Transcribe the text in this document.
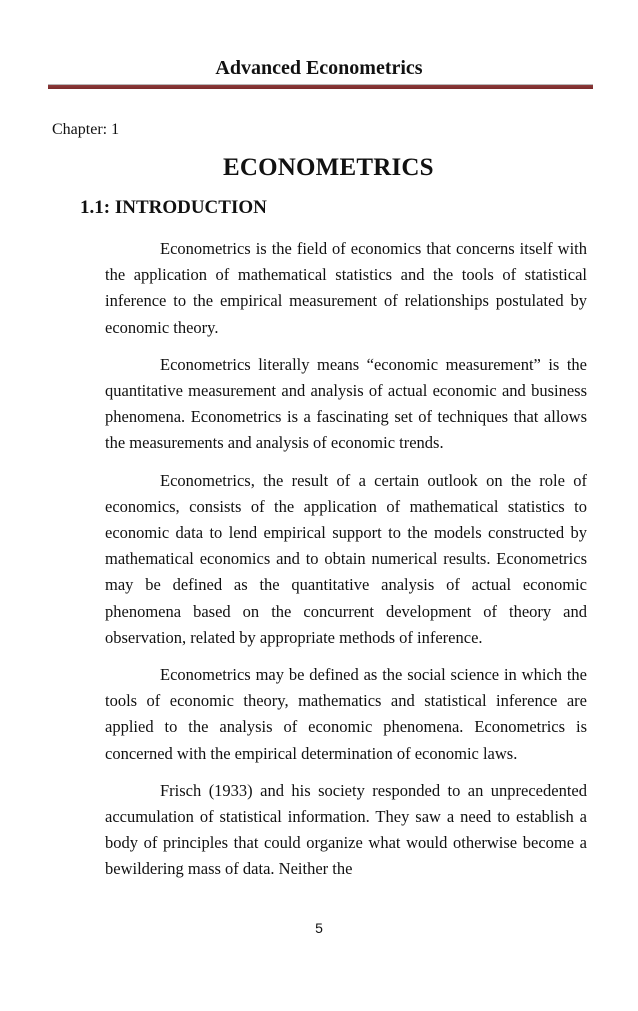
Advanced Econometrics
Chapter: 1
ECONOMETRICS
1.1: INTRODUCTION

Econometrics is the field of economics that concerns itself with the application of mathematical statistics and the tools of statistical inference to the empirical measurement of relationships postulated by economic theory.

Econometrics literally means “economic measurement” is the quantitative measurement and analysis of actual economic and business phenomena. Econometrics is a fascinating set of techniques that allows the measurements and analysis of economic trends.

Econometrics, the result of a certain outlook on the role of economics, consists of the application of mathematical statistics to economic data to lend empirical support to the models constructed by mathematical economics and to obtain numerical results. Econometrics may be defined as the quantitative analysis of actual economic phenomena based on the concurrent development of theory and observation, related by appropriate methods of inference.

Econometrics may be defined as the social science in which the tools of economic theory, mathematics and statistical inference are applied to the analysis of economic phenomena. Econometrics is concerned with the empirical determination of economic laws.

Frisch (1933) and his society responded to an unprecedented accumulation of statistical information. They saw a need to establish a body of principles that could organize what would otherwise become a bewildering mass of data. Neither the

5
